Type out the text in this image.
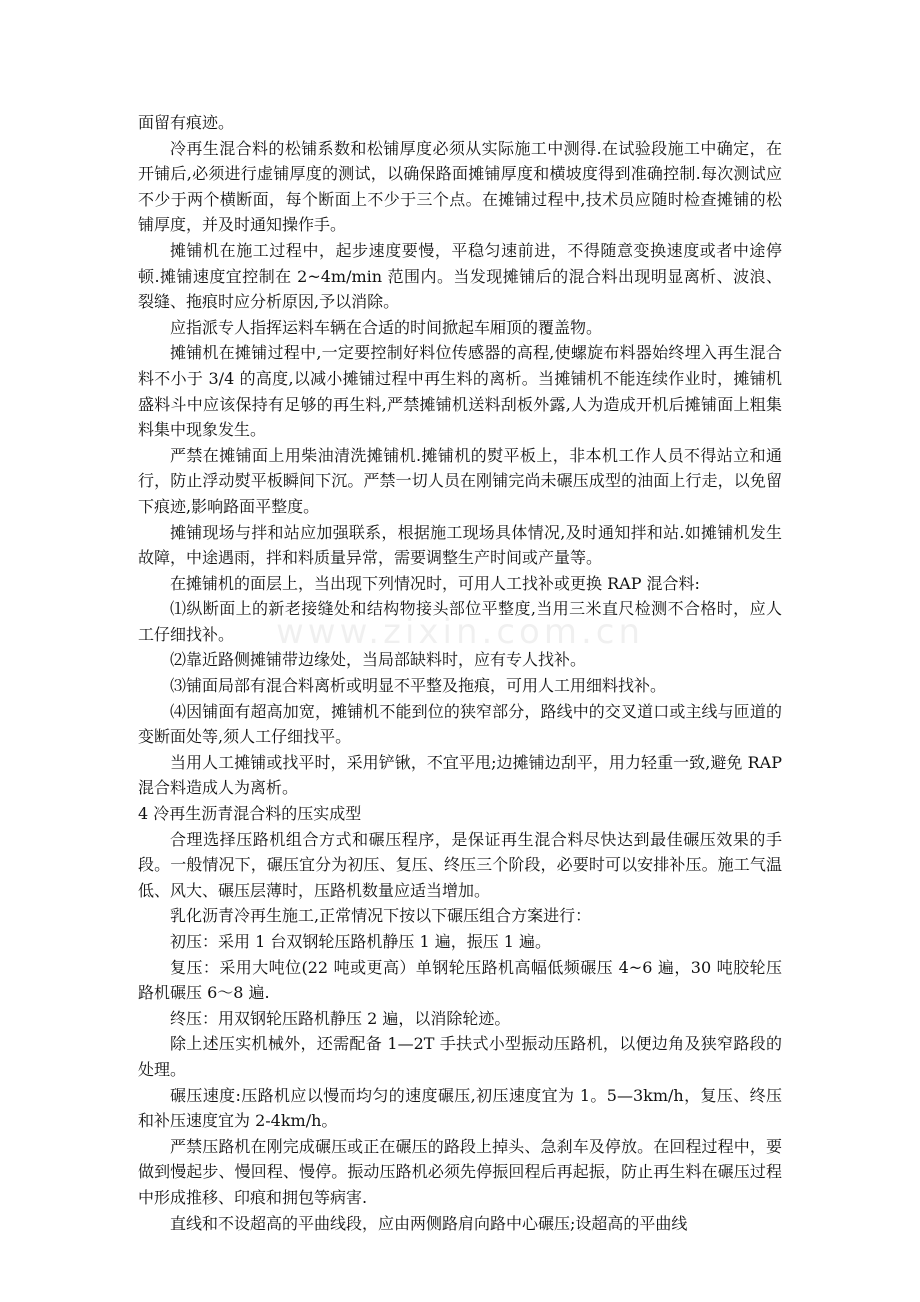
www.zixin.com.cn

面留有痕迹。

冷再生混合料的松铺系数和松铺厚度必须从实际施工中测得.在试验段施工中确定，在开铺后,必须进行虚铺厚度的测试，以确保路面摊铺厚度和横坡度得到准确控制.每次测试应不少于两个横断面，每个断面上不少于三个点。在摊铺过程中,技术员应随时检查摊铺的松铺厚度，并及时通知操作手。

摊铺机在施工过程中，起步速度要慢，平稳匀速前进，不得随意变换速度或者中途停顿.摊铺速度宜控制在 2~4m/min 范围内。当发现摊铺后的混合料出现明显离析、波浪、裂缝、拖痕时应分析原因,予以消除。

应指派专人指挥运料车辆在合适的时间掀起车厢顶的覆盖物。

摊铺机在摊铺过程中,一定要控制好料位传感器的高程,使螺旋布料器始终埋入再生混合料不小于 3/4 的高度,以减小摊铺过程中再生料的离析。当摊铺机不能连续作业时，摊铺机盛料斗中应该保持有足够的再生料,严禁摊铺机送料刮板外露,人为造成开机后摊铺面上粗集料集中现象发生。

严禁在摊铺面上用柴油清洗摊铺机.摊铺机的熨平板上，非本机工作人员不得站立和通行，防止浮动熨平板瞬间下沉。严禁一切人员在刚铺完尚未碾压成型的油面上行走，以免留下痕迹,影响路面平整度。

摊铺现场与拌和站应加强联系，根据施工现场具体情况,及时通知拌和站.如摊铺机发生故障，中途遇雨，拌和料质量异常，需要调整生产时间或产量等。

在摊铺机的面层上，当出现下列情况时，可用人工找补或更换 RAP 混合料:

⑴纵断面上的新老接缝处和结构物接头部位平整度,当用三米直尺检测不合格时，应人工仔细找补。

⑵靠近路侧摊铺带边缘处，当局部缺料时，应有专人找补。

⑶铺面局部有混合料离析或明显不平整及拖痕，可用人工用细料找补。

⑷因铺面有超高加宽，摊铺机不能到位的狭窄部分，路线中的交叉道口或主线与匝道的变断面处等,须人工仔细找平。

当用人工摊铺或找平时，采用铲锹，不宜平甩;边摊铺边刮平，用力轻重一致,避免 RAP 混合料造成人为离析。

4 冷再生沥青混合料的压实成型

合理选择压路机组合方式和碾压程序，是保证再生混合料尽快达到最佳碾压效果的手段。一般情况下，碾压宜分为初压、复压、终压三个阶段，必要时可以安排补压。施工气温低、风大、碾压层薄时，压路机数量应适当增加。

乳化沥青冷再生施工,正常情况下按以下碾压组合方案进行：

初压：采用 1 台双钢轮压路机静压 1 遍，振压 1 遍。

复压：采用大吨位(22 吨或更高）单钢轮压路机高幅低频碾压 4~6 遍，30 吨胶轮压路机碾压 6～8 遍.

终压：用双钢轮压路机静压 2 遍，以消除轮迹。

除上述压实机械外，还需配备 1—2T 手扶式小型振动压路机，以便边角及狭窄路段的处理。

碾压速度:压路机应以慢而均匀的速度碾压,初压速度宜为 1。5—3km/h，复压、终压和补压速度宜为 2-4km/h。

严禁压路机在刚完成碾压或正在碾压的路段上掉头、急刹车及停放。在回程过程中，要做到慢起步、慢回程、慢停。振动压路机必须先停振回程后再起振，防止再生料在碾压过程中形成推移、印痕和拥包等病害.

直线和不设超高的平曲线段，应由两侧路肩向路中心碾压;设超高的平曲线
